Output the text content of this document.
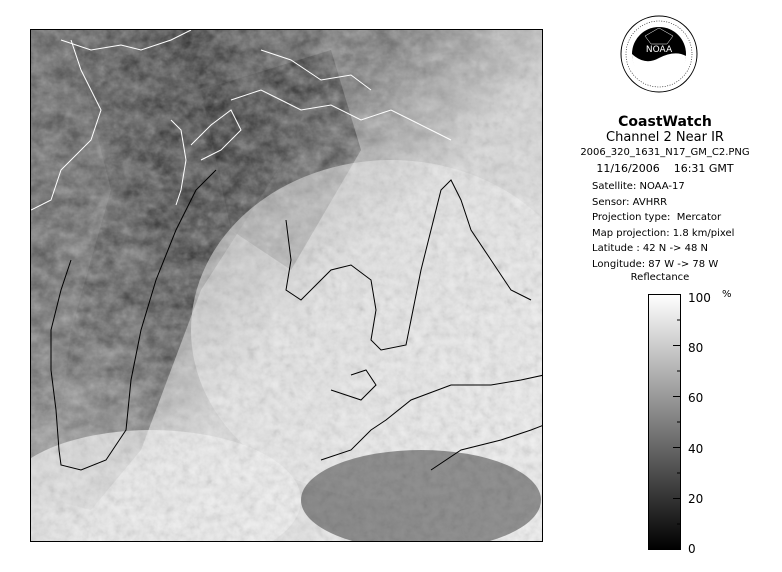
NOAA
CoastWatch
Channel 2 Near IR
2006_320_1631_N17_GM_C2.PNG
11/16/2006    16:31 GMT
Satellite: NOAA-17
Sensor: AVHRR
Projection type:  Mercator
Map projection: 1.8 km/pixel
Latitude : 42 N -> 48 N
Longitude: 87 W -> 78 W
Reflectance
100
80
60
40
20
0
%
